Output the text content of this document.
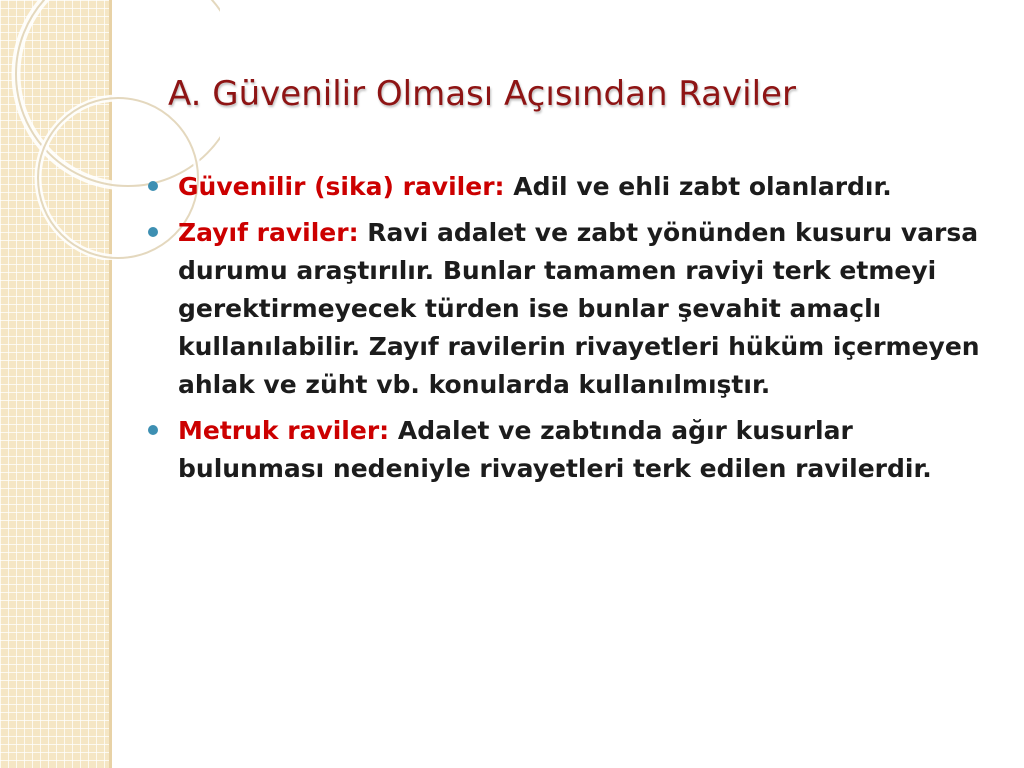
A. Güvenilir Olması Açısından Raviler
Güvenilir (sika) raviler: Adil ve ehli zabt olanlardır.
Zayıf raviler: Ravi adalet ve zabt yönünden kusuru varsa durumu araştırılır. Bunlar tamamen raviyi terk etmeyi gerektirmeyecek türden ise bunlar şevahit amaçlı kullanılabilir. Zayıf ravilerin rivayetleri hüküm içermeyen ahlak ve züht vb. konularda kullanılmıştır.
Metruk raviler: Adalet ve zabtında ağır kusurlar bulunması nedeniyle rivayetleri terk edilen ravilerdir.
